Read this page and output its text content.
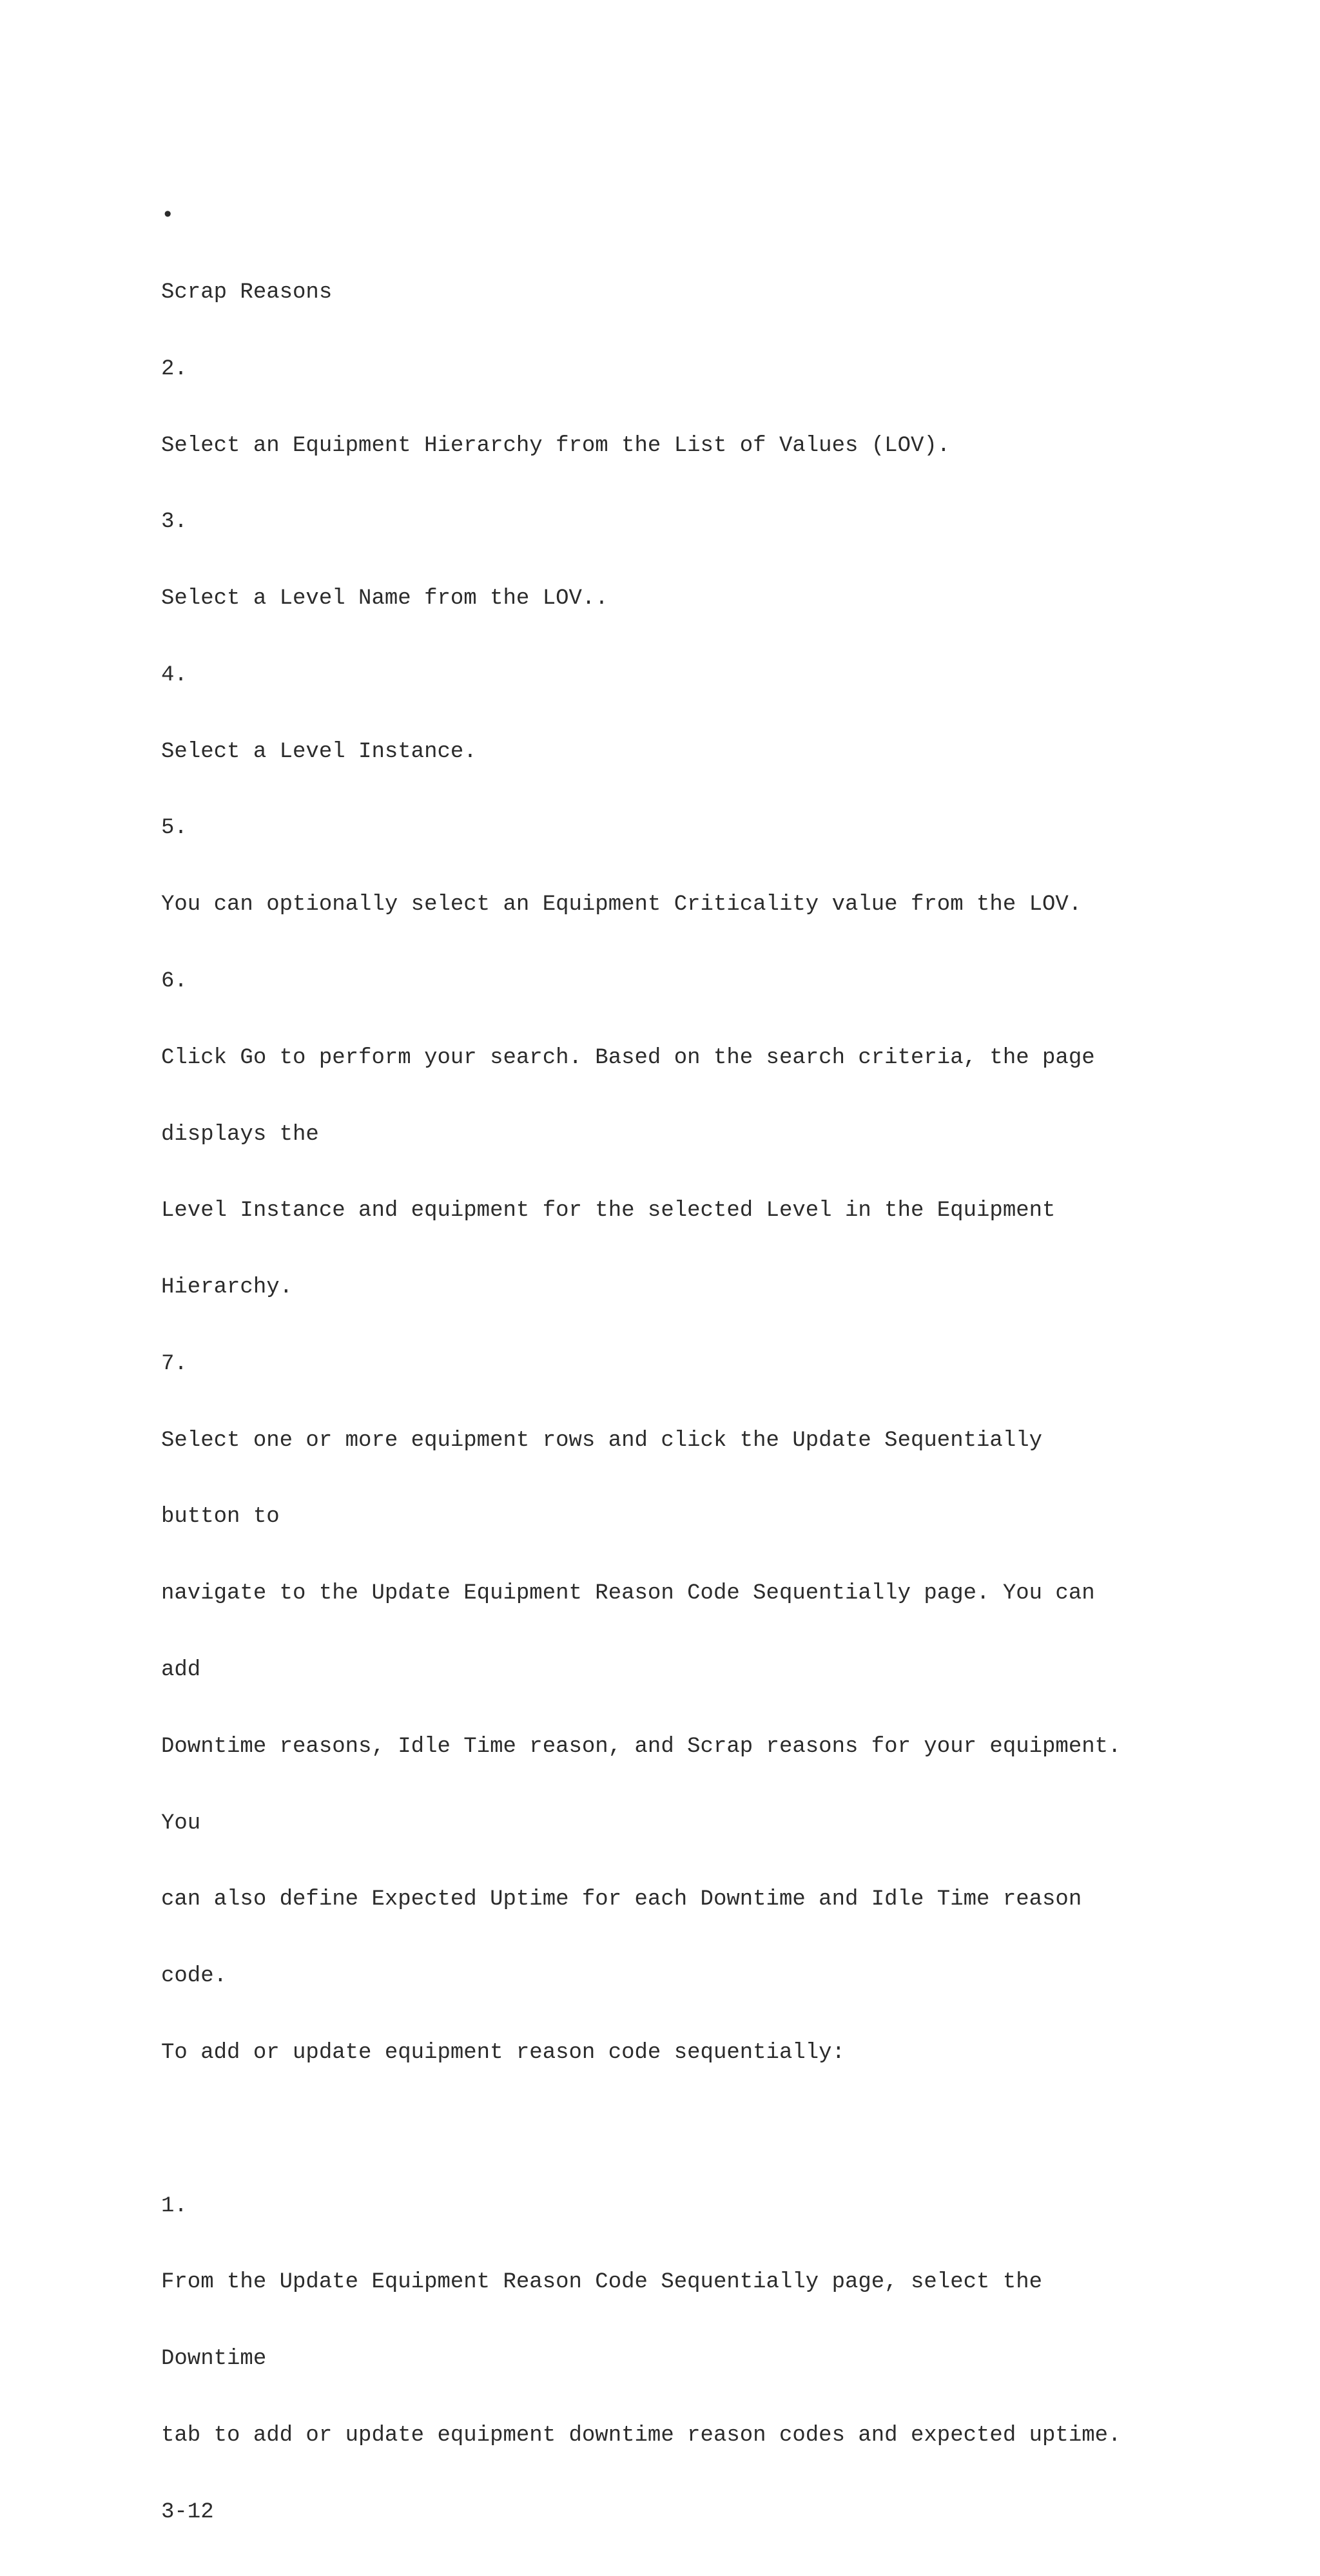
•

Scrap Reasons

2.

Select an Equipment Hierarchy from the List of Values (LOV).

3.

Select a Level Name from the LOV..

4.

Select a Level Instance.

5.

You can optionally select an Equipment Criticality value from the LOV.

6.

Click Go to perform your search. Based on the search criteria, the page

displays the

Level Instance and equipment for the selected Level in the Equipment

Hierarchy.

7.

Select one or more equipment rows and click the Update Sequentially

button to

navigate to the Update Equipment Reason Code Sequentially page. You can

add

Downtime reasons, Idle Time reason, and Scrap reasons for your equipment.

You

can also define Expected Uptime for each Downtime and Idle Time reason

code.

To add or update equipment reason code sequentially:

1.

From the Update Equipment Reason Code Sequentially page, select the

Downtime

tab to add or update equipment downtime reason codes and expected uptime.

3-12
